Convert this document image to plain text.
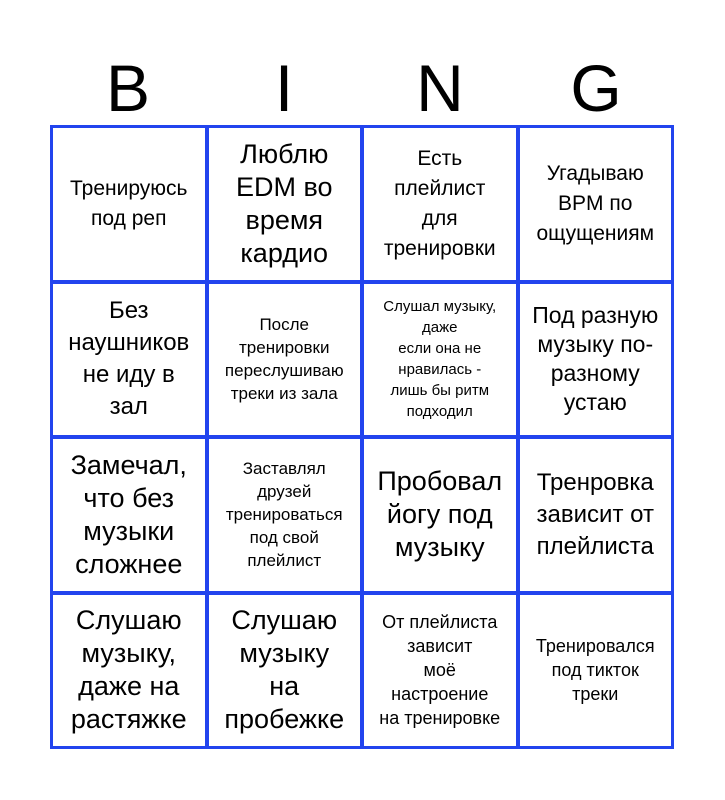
B	I	N	G
Тренируюсь
под реп
Люблю
EDM во
время
кардио
Есть
плейлист
для
тренировки
Угадываю
BPM по
ощущениям
Без
наушников
не иду в
зал
После
тренировки
переслушиваю
треки из зала
Слушал музыку,
даже
если она не
нравилась -
лишь бы ритм
подходил
Под разную
музыку по-
разному
устаю
Замечал,
что без
музыки
сложнее
Заставлял
друзей
тренироваться
под свой
плейлист
Пробовал
йогу под
музыку
Тренровка
зависит от
плейлиста
Слушаю
музыку,
даже на
растяжке
Слушаю
музыку
на
пробежке
От плейлиста
зависит
моё
настроение
на тренировке
Тренировался
под тикток
треки
